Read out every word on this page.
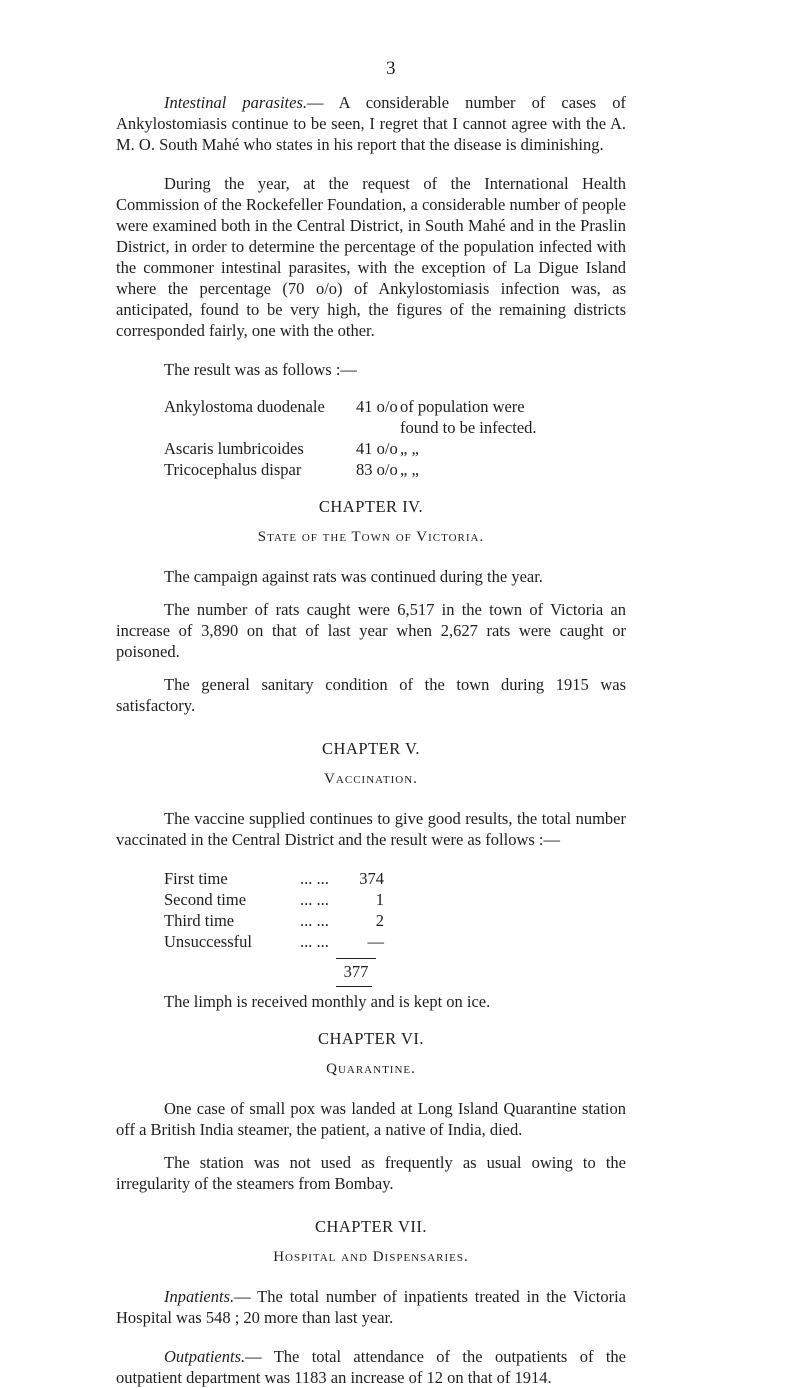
3

Intestinal parasites.— A considerable number of cases of Ankylostomiasis continue to be seen, I regret that I cannot agree with the A. M. O. South Mahé who states in his report that the disease is diminishing.

During the year, at the request of the International Health Commission of the Rockefeller Foundation, a considerable number of people were examined both in the Central District, in South Mahé and in the Praslin District, in order to determine the percentage of the population infected with the commoner intestinal parasites, with the exception of La Digue Island where the percentage (70 o/o) of Ankylostomiasis infection was, as anticipated, found to be very high, the figures of the remaining districts corresponded fairly, one with the other.

The result was as follows :—

Ankylostoma duodenale	41 o/o	of population were
found to be infected.
Ascaris lumbricoides	41 o/o	„ „
Tricocephalus dispar	83 o/o	„ „
CHAPTER IV.
State of the Town of Victoria.

The campaign against rats was continued during the year.

The number of rats caught were 6,517 in the town of Victoria an increase of 3,890 on that of last year when 2,627 rats were caught or poisoned.

The general sanitary condition of the town during 1915 was satisfactory.

CHAPTER V.
Vaccination.

The vaccine supplied continues to give good results, the total number vaccinated in the Central District and the result were as follows :—

First time	... ...	374
Second time	... ...	1
Third time	... ...	2
Unsuccessful	... ...	—
377

The limph is received monthly and is kept on ice.

CHAPTER VI.
Quarantine.

One case of small pox was landed at Long Island Quarantine station off a British India steamer, the patient, a native of India, died.

The station was not used as frequently as usual owing to the irregularity of the steamers from Bombay.

CHAPTER VII.
Hospital and Dispensaries.

Inpatients.— The total number of inpatients treated in the Victoria Hospital was 548 ; 20 more than last year.

Outpatients.— The total attendance of the outpatients of the outpatient department was 1183 an increase of 12 on that of 1914.
